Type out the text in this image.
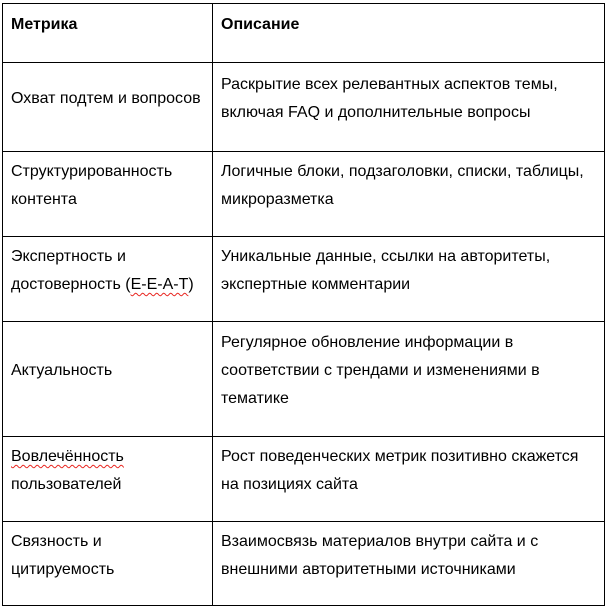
Метрика	Описание

Охват подтем и вопросов	Раскрытие всех релевантных аспектов темы,
включая FAQ и дополнительные вопросы

Структурированность
контента	Логичные блоки, подзаголовки, списки, таблицы,
микроразметка

Экспертность и
достоверность (E-E-A-T)	Уникальные данные, ссылки на авторитеты,
экспертные комментарии

Актуальность	Регулярное обновление информации в
соответствии с трендами и изменениями в
тематике

Вовлечённость
пользователей	Рост поведенческих метрик позитивно скажется
на позициях сайта

Связность и
цитируемость	Взаимосвязь материалов внутри сайта и с
внешними авторитетными источниками
